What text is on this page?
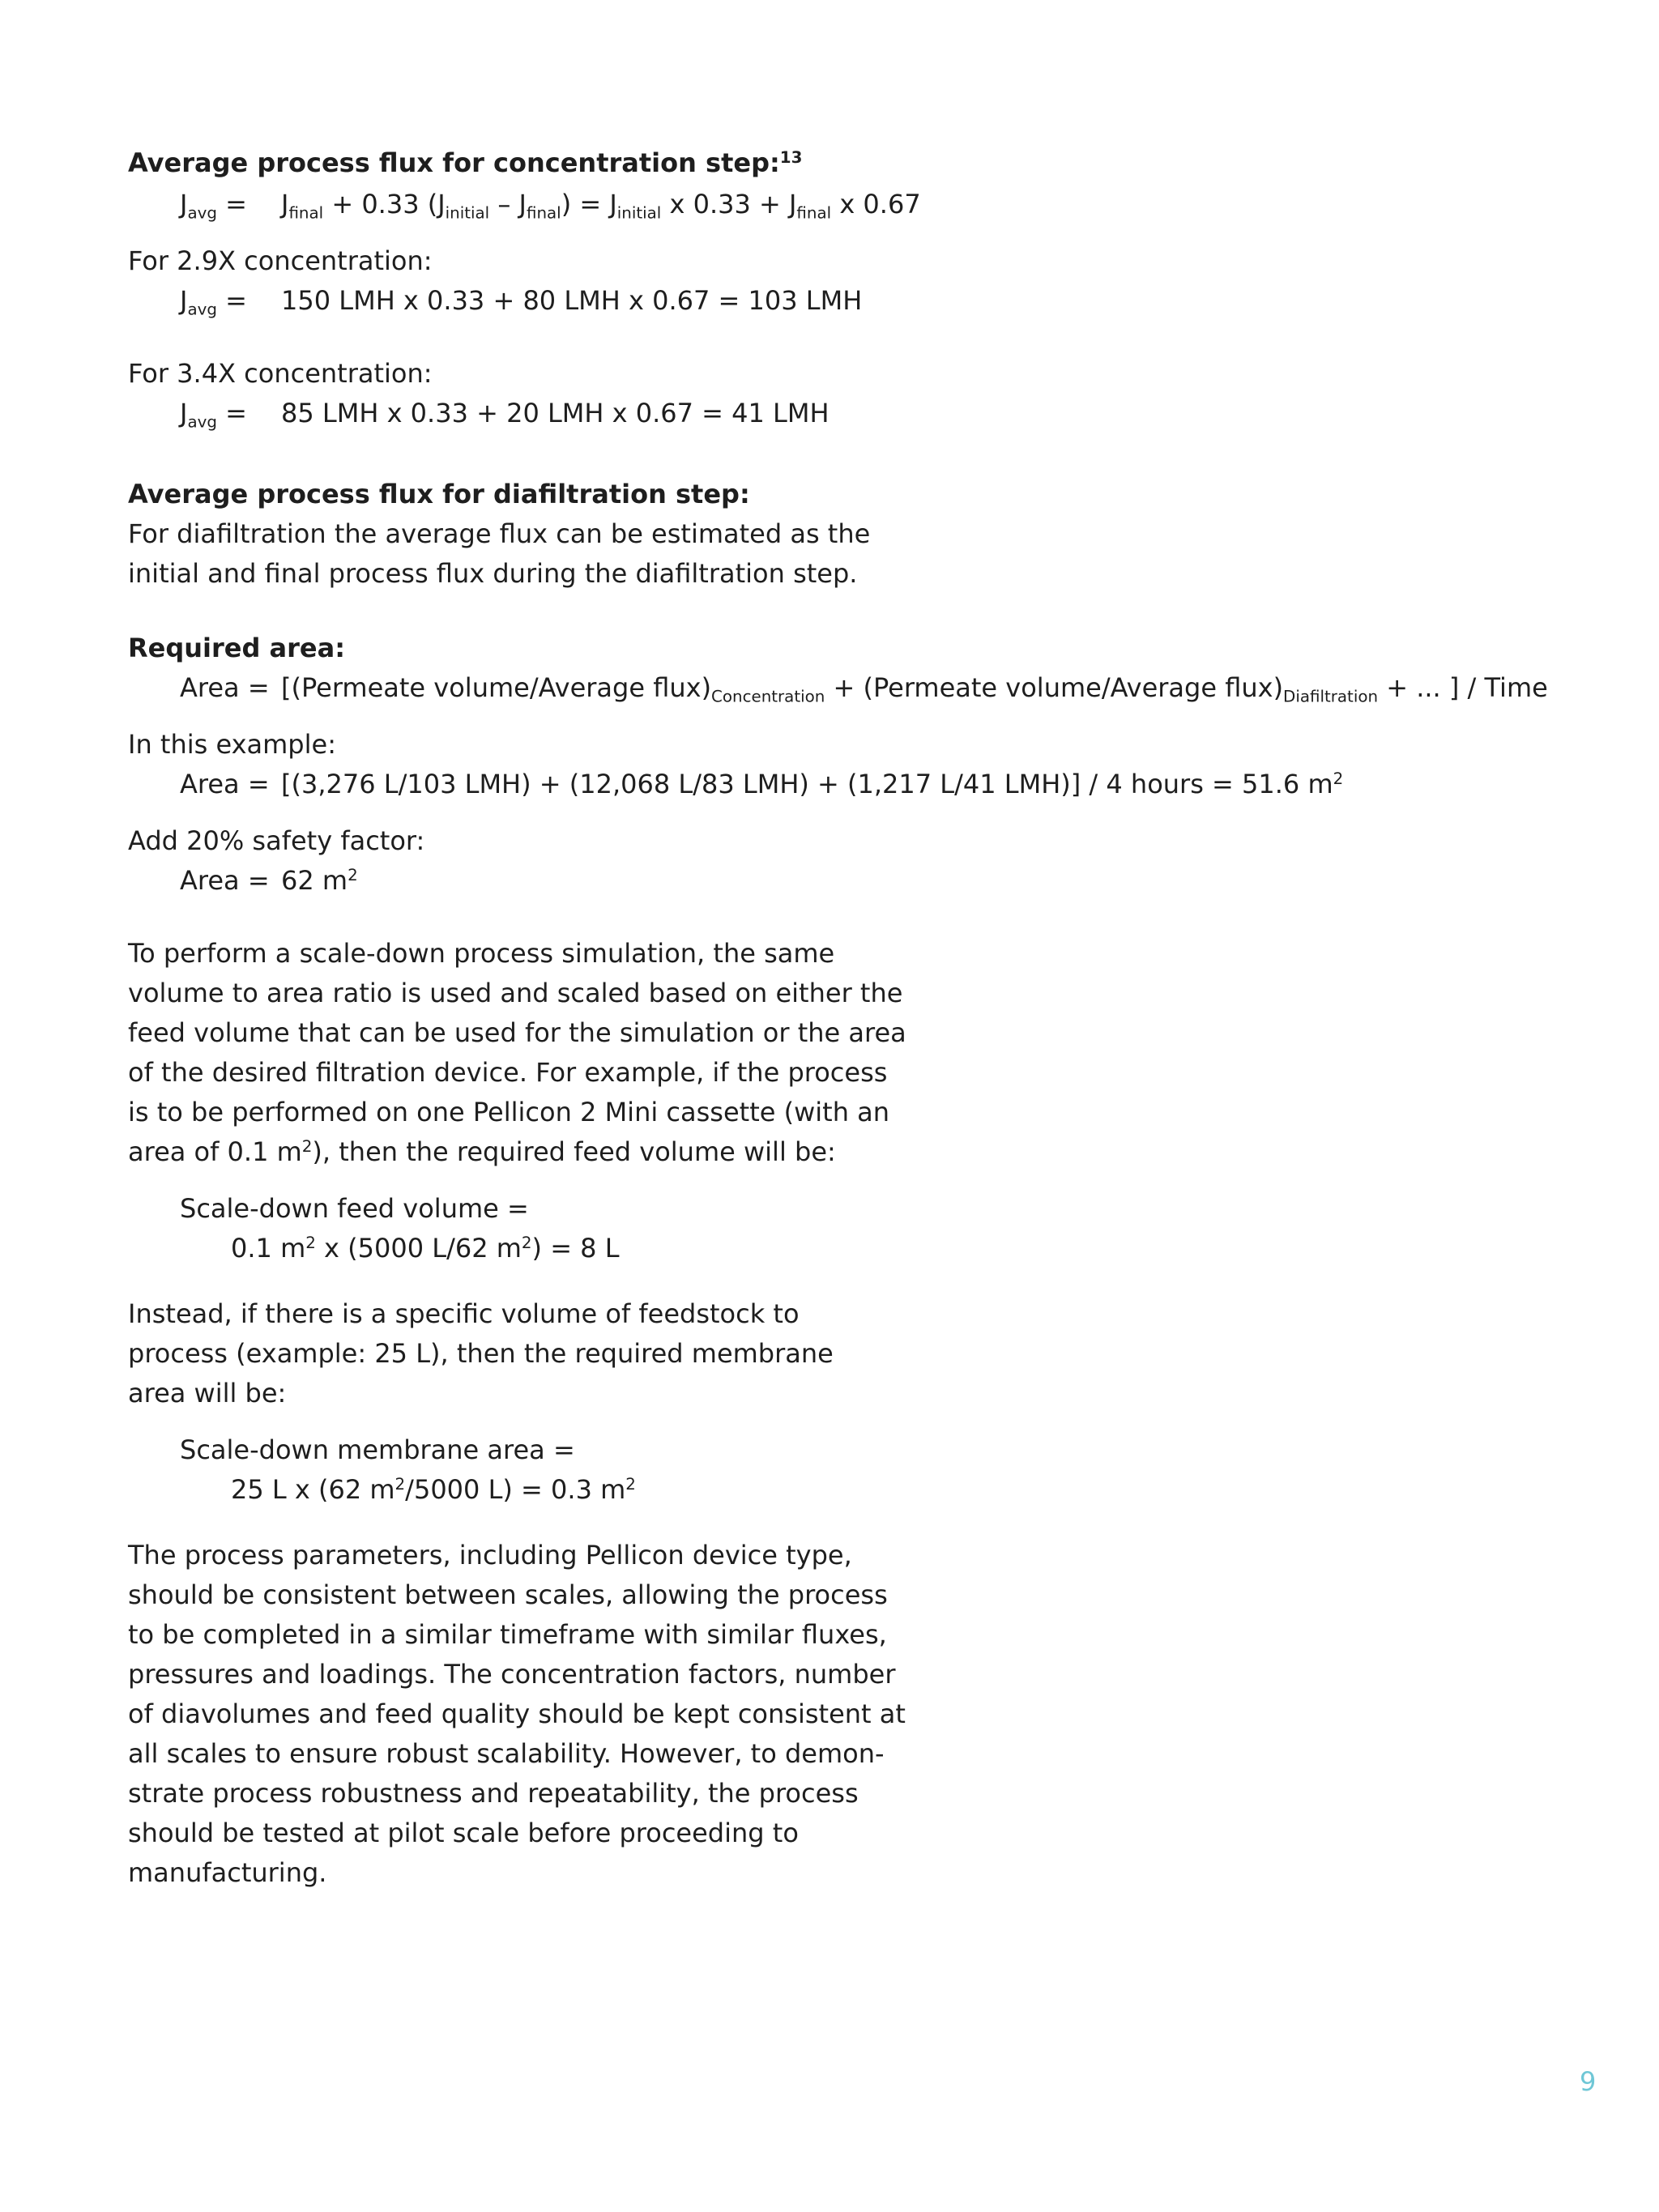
Average process flux for concentration step:$^{13}$
$J_{avg} = J_{final} + 0.33$ $(J_{initial} - J_{final}) = J_{initial}$ x $0.33 + J_{final}$ x 0.67
For 2.9X concentration:
$J_{avg} = 150$ LMH x 0.33 + 80 LMH x 0.67 = 103 LMH
For 3.4X concentration:
$J_{avg} = 85$ LMH x 0.33 + 20 LMH x 0.67 = 41 LMH
Average process flux for diafiltration step:
For diafiltration the average flux can be estimated as the
initial and final process flux during the diafiltration step.
Required area:
Area = [(Permeate volume/Average $flux)_{Concentration}$ + (Permeate volume/Average $flux)_{Diafiltration}$ + ... ] / Time
In this example:
Area = [(3,276 L/103 LMH) + (12,068 L/83 LMH) + (1,217 L/41 LMH)] / 4 hours = 51.6 $m^2$
Add 20% safety factor:
Area = 62 $m^2$
To perform a scale-down process simulation, the same
volume to area ratio is used and scaled based on either the
feed volume that can be used for the simulation or the area
of the desired filtration device. For example, if the process
is to be performed on one Pellicon 2 Mini cassette (with an
area of 0.1 $m^2$), then the required feed volume will be:
Scale-down feed volume =
0.1 $m^2$ x (5000 L/62 $m^2) = 8$ L
Instead, if there is a specific volume of feedstock to
process (example: 25 L), then the required membrane
area will be:
Scale-down membrane area =
25 L x (62 $m^2/5000$ L) = 0.3 $m^2$
The process parameters, including Pellicon device type,
should be consistent between scales, allowing the process
to be completed in a similar timeframe with similar fluxes,
pressures and loadings. The concentration factors, number
of diavolumes and feed quality should be kept consistent at
all scales to ensure robust scalability. However, to demon-
strate process robustness and repeatability, the process
should be tested at pilot scale before proceeding to
manufacturing.
9
